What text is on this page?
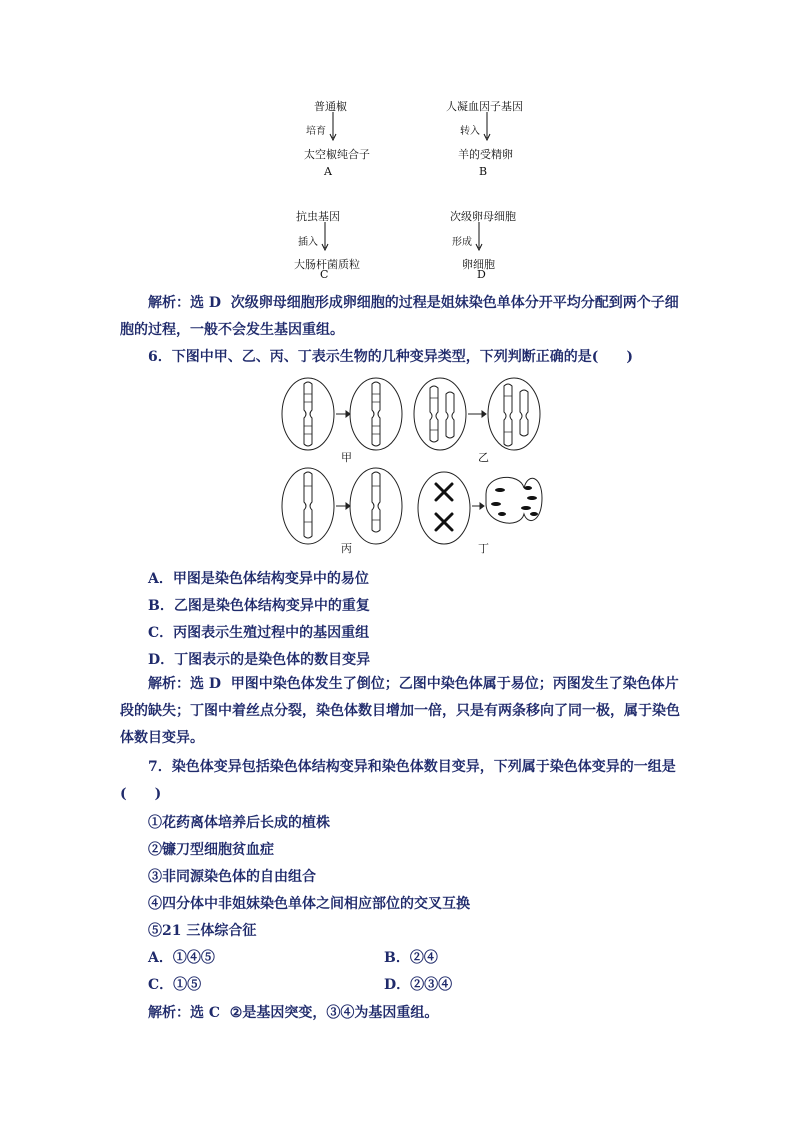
普通椒
培育
太空椒纯合子
A
人凝血因子基因
转入
羊的受精卵
B
抗虫基因
插入
大肠杆菌质粒
C
次级卵母细胞
形成
卵细胞
D
解析：选 D 次级卵母细胞形成卵细胞的过程是姐妹染色单体分开平均分配到两个子细胞的过程，一般不会发生基因重组。
6．下图中甲、乙、丙、丁表示生物的几种变异类型，下列判断正确的是(　　)
甲	乙
丙	丁
A．甲图是染色体结构变异中的易位
B．乙图是染色体结构变异中的重复
C．丙图表示生殖过程中的基因重组
D．丁图表示的是染色体的数目变异
解析：选 D 甲图中染色体发生了倒位；乙图中染色体属于易位；丙图发生了染色体片段的缺失；丁图中着丝点分裂，染色体数目增加一倍，只是有两条移向了同一极，属于染色体数目变异。
7．染色体变异包括染色体结构变异和染色体数目变异，下列属于染色体变异的一组是(　　)
①花药离体培养后长成的植株
②镰刀型细胞贫血症
③非同源染色体的自由组合
④四分体中非姐妹染色单体之间相应部位的交叉互换
⑤21 三体综合征
A．①④⑤	B．②④
C．①⑤	D．②③④
解析：选 C ②是基因突变，③④为基因重组。
